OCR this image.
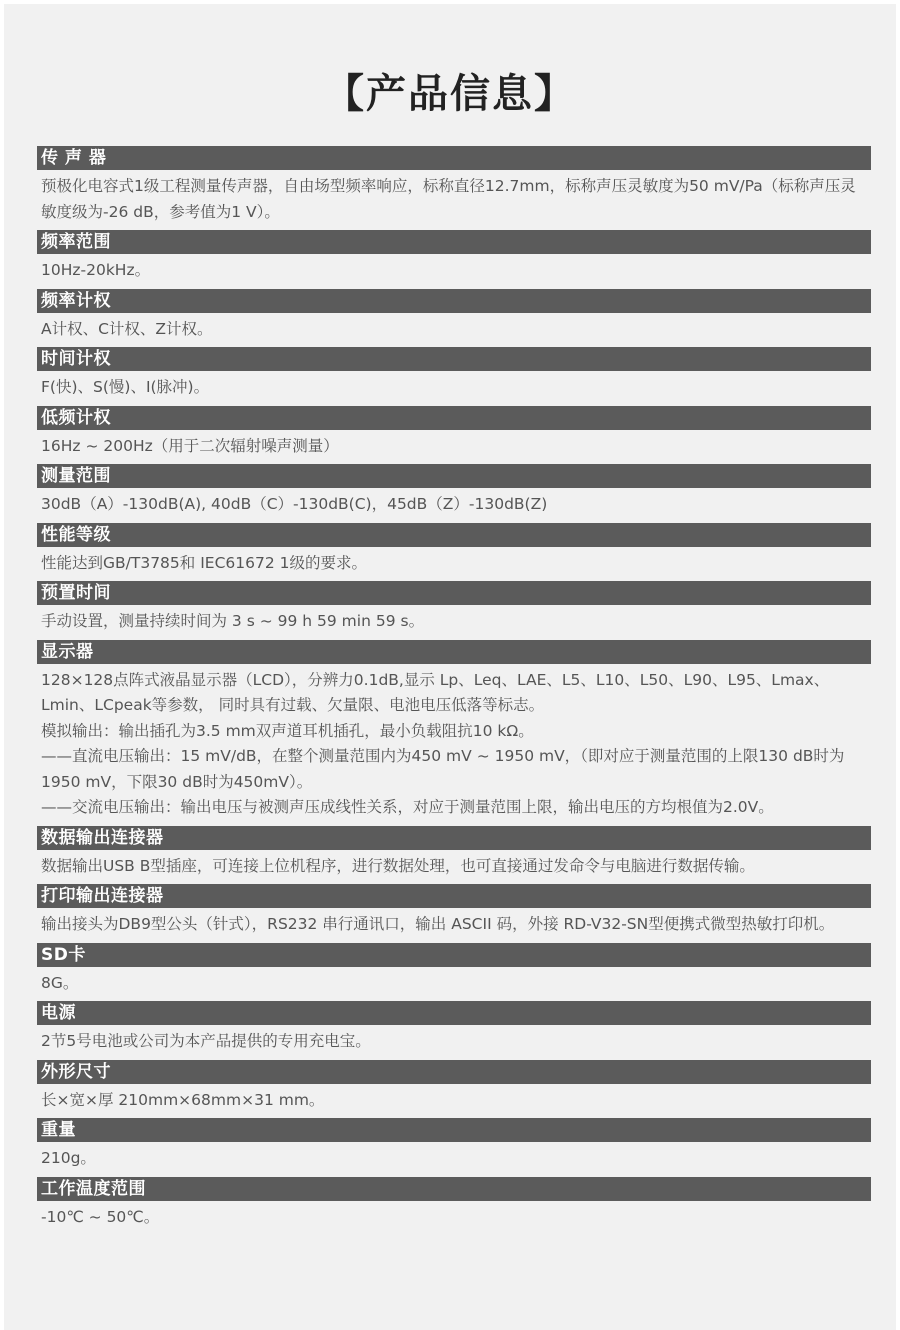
【产品信息】
传 声 器

预极化电容式1级工程测量传声器，自由场型频率响应，标称直径12.7mm，标称声压灵敏度为50 mV/Pa（标称声压灵敏度级为-26 dB，参考值为1 V）。

频率范围

10Hz-20kHz。

频率计权

A计权、C计权、Z计权。

时间计权

F(快)、S(慢)、I(脉冲)。

低频计权

16Hz ~ 200Hz（用于二次辐射噪声测量）

测量范围

30dB（A）-130dB(A), 40dB（C）-130dB(C)，45dB（Z）-130dB(Z)

性能等级

性能达到GB/T3785和 IEC61672 1级的要求。

预置时间

手动设置，测量持续时间为 3 s ~ 99 h 59 min 59 s。

显示器

128×128点阵式液晶显示器（LCD），分辨力0.1dB,显示 Lp、Leq、LAE、L5、L10、L50、L90、L95、Lmax、Lmin、LCpeak等参数， 同时具有过载、欠量限、电池电压低落等标志。

模拟输出：输出插孔为3.5 mm双声道耳机插孔，最小负载阻抗10 kΩ。

——直流电压输出：15 mV/dB，在整个测量范围内为450 mV ~ 1950 mV，（即对应于测量范围的上限130 dB时为1950 mV，下限30 dB时为450mV）。

——交流电压输出：输出电压与被测声压成线性关系，对应于测量范围上限，输出电压的方均根值为2.0V。

数据输出连接器

数据输出USB B型插座，可连接上位机程序，进行数据处理，也可直接通过发命令与电脑进行数据传输。

打印输出连接器

输出接头为DB9型公头（针式），RS232 串行通讯口，输出 ASCII 码，外接 RD-V32-SN型便携式微型热敏打印机。

SD卡

8G。

电源

2节5号电池或公司为本产品提供的专用充电宝。

外形尺寸

长×宽×厚 210mm×68mm×31 mm。

重量

210g。

工作温度范围

-10℃ ~ 50℃。
